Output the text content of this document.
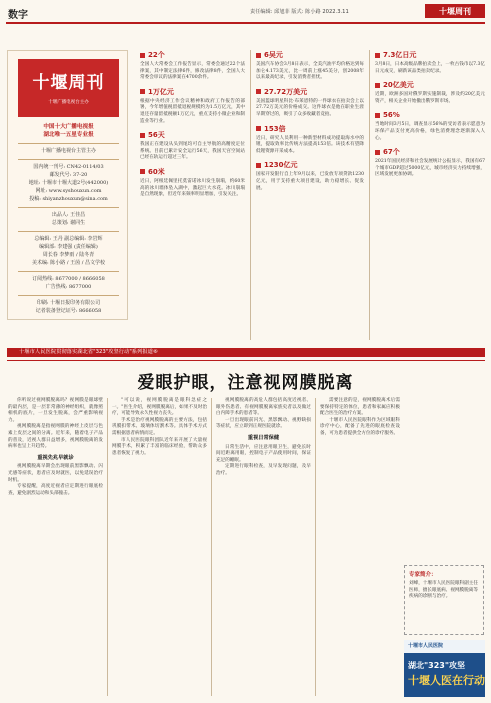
数字	责任编辑: 邱旭菲 版式: 陈小路 2022.3.11	十堰周刊
十堰周刊
十堰广播电视台主办
中国十大广播电视报
湖北唯一五星专业报
十堰广播电视台主管主办
国内统一刊号: CN42-0114/03
邮发代号: 37-20
地址: 十堰市十堰大道2号(442000)
网址: www.syshouxun.com
投稿: shiyanzhouxun@sina.com
出品人: 王佳昌
总策划: 谢同生
总编辑: 王丹 副总编辑: 李岩辉
编辑部: 李建强 (责任编辑)
周长春 李梦雨 / 陆冬青
美术编: 陈小路 / 王茵 / 昌文学校
订阅热线: 8677000 / 8666058
广告热线: 8677000
印刷: 十堰日报印务有限公司
记者装备登记证号: 8666058
22个
全国人大常委会工作报告显示，常委会通过22个法律案，其中制定法律6件，修改法律8件，全国人大常委会审议的法律案在4700余件。
1万亿元
根据中央经济工作会议精神和政府工作报告的部署，今年增值税留抵退税规模约为1.5万亿元，其中退还存量留抵税额1万亿元，重点支持小微企业和制造业等行业。
56天
我国正在建设从头到尾均可自主导航的高精度定位系统。目前已累计安全运行56天，我国天宫空间站已经在轨运行超过三年。
60米
近日，阿根廷佩里托莫雷诺冰川发生崩塌，约60米高的冰川墙体坠入湖中，激起巨大水花。冰川崩塌是自然现象，但近年来频率明显增加，引发关注。
6吴元
美国汽车协会3月8日表示，全美汽油平均价格达到每加仑4.173美元，比一周前上涨45美分，创2008年以来最高纪录，引发消费者担忧。
27.72万美元
美国篮球明星科比·布莱恩特的一件球衣在拍卖会上以27.72万美元的价格成交。这件球衣是他在职业生涯早期穿过的，吸引了众多收藏者竞拍。
153倍
近日，研究人员利用一种新型材料成功提取海水中的锂，提取效率比传统方法提高153倍。该技术有望降低锂资源开采成本。
1230亿元
国家开发银行自上年9月以来，已发放专项贷款1230亿元，用于支持重大项目建设，助力稳增长、促发展。
7.3亿日元
3月8日，日本高级品牌拍卖会上，一枚古钱币以7.3亿日元成交，刷新该品类拍卖纪录。
20亿美元
近期，欧洲多国对俄罗斯实施制裁，涉及约20亿美元资产，相关企业开始撤出俄罗斯市场。
56%
当地时间3月5日，调查显示56%的受访者表示愿意为环保产品支付更高价格，绿色消费理念逐渐深入人心。
67个
2021年国民经济和社会发展统计公报显示，我国有67个城市GDP超过5000亿元，城市经济实力持续增强，区域发展更加协调。
十堰市人民医院贯彻落实湖北省"323"攻坚行动"系列报道⑥
爱眼护眼，注意视网膜脱离

你听说过视网膜脱离吗？视网膜是眼球壁的最内层，是一层非常薄的神经组织，就像照相机的底片，一旦发生脱离，会严重影响视力。

视网膜脱离是指视网膜的神经上皮层与色素上皮层之间的分离。近年来，随着电子产品的普及，近视人群日益增多，视网膜脱离的发病率也呈上升趋势。

重视先兆早就诊

视网膜脱离早期会出现眼前黑影飘动、闪光感等症状，患者应及时就医，以免延误治疗时机。

专家提醒，高度近视者应定期进行眼底检查，避免剧烈运动和头部撞击。

"可以说，视网膜脱离是眼科急症之一。"医生介绍，视网膜脱离后，如果不及时治疗，可能导致永久性视力丧失。

手术是治疗视网膜脱离的主要方法，包括巩膜扣带术、玻璃体切割术等。具体手术方式需根据患者病情而定。

市人民医院眼科团队近年来开展了大量视网膜手术，积累了丰富的临床经验，帮助众多患者恢复了视力。

视网膜脱离的高危人群包括高度近视者、眼外伤患者、有视网膜脱离家族史者以及做过白内障手术的患者等。

一旦出现眼前闪光、黑影飘动、视野缺损等症状，应立即到正规医院就诊。

重视日常保健

日常生活中，应注意用眼卫生，避免长时间近距离用眼，控制电子产品使用时间，保证充足的睡眠。

定期进行眼科检查，及早发现问题，及早治疗。

需要注意的是，视网膜脱离术后需要保持特定的体位，患者和家属应积极配合医生的治疗方案。

十堰市人民医院眼科作为区域眼科诊疗中心，配备了先进的眼底检查设备，可为患者提供全方位的诊疗服务。

专家简介：
刘峰，十堰市人民医院眼科副主任医师，擅长眼底病、视网膜脱离等疾病的诊断与治疗。
十堰市人民医院
湖北"323"攻坚
十堰人医在行动
